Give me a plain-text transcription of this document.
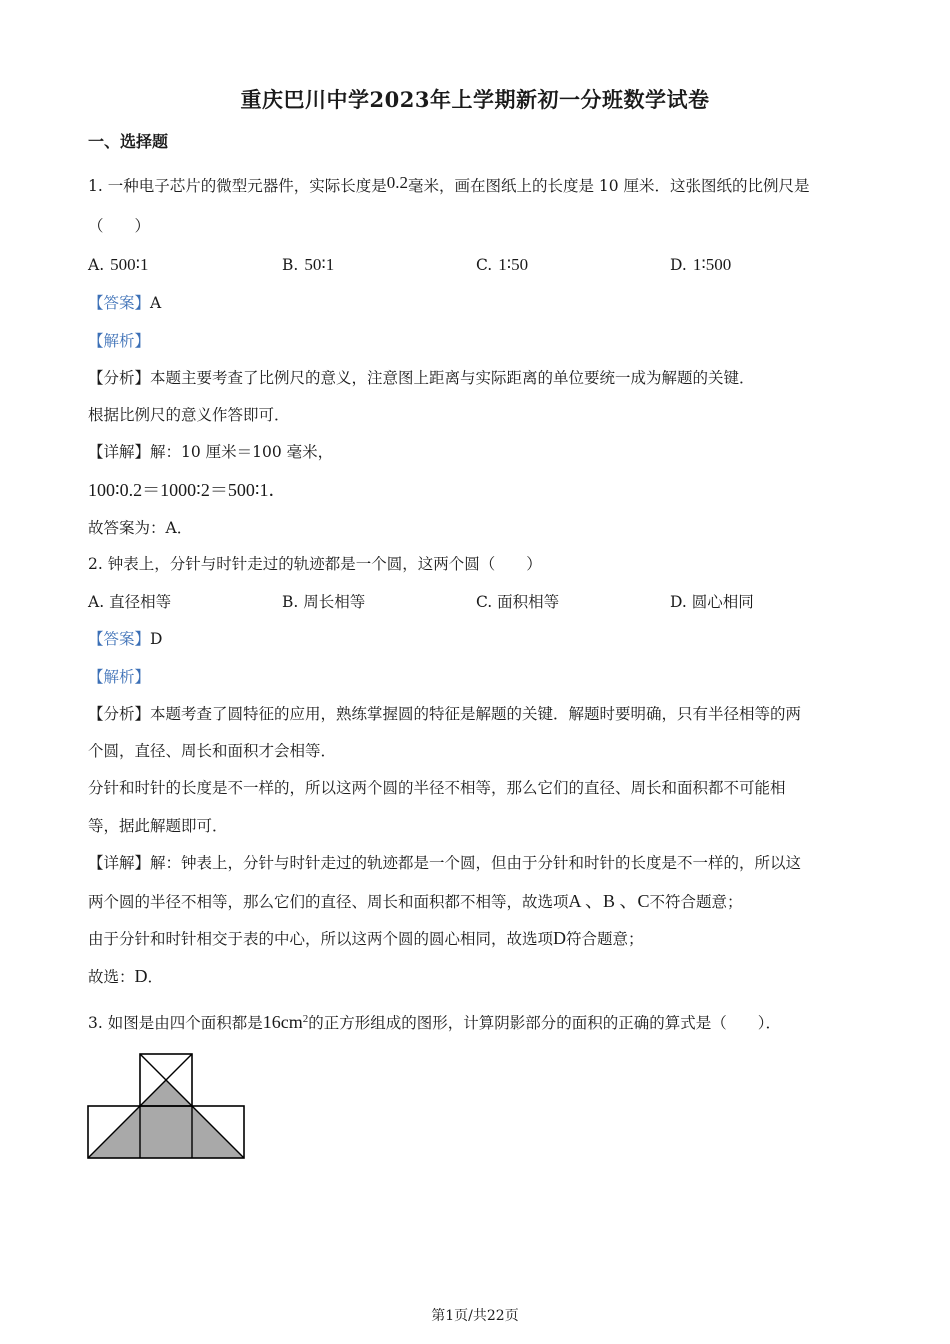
重庆巴川中学2023年上学期新初一分班数学试卷
一、选择题
1. 一种电子芯片的微型元器件，实际长度是0.2毫米，画在图纸上的长度是 10 厘米．这张图纸的比例尺是
（　　）
A. 500∶1	B. 50∶1	C. 1∶50	D. 1∶500
【答案】A
【解析】
【分析】本题主要考查了比例尺的意义，注意图上距离与实际距离的单位要统一成为解题的关键．
根据比例尺的意义作答即可．
【详解】解：10 厘米＝100 毫米，
100∶0.2＝1000∶2＝500∶1．
故答案为：A．
2. 钟表上，分针与时针走过的轨迹都是一个圆，这两个圆（　　）
A. 直径相等	B. 周长相等	C. 面积相等	D. 圆心相同
【答案】D
【解析】
【分析】本题考查了圆特征的应用，熟练掌握圆的特征是解题的关键．解题时要明确，只有半径相等的两
个圆，直径、周长和面积才会相等．
分针和时针的长度是不一样的，所以这两个圆的半径不相等，那么它们的直径、周长和面积都不可能相
等，据此解题即可．
【详解】解：钟表上，分针与时针走过的轨迹都是一个圆，但由于分针和时针的长度是不一样的，所以这
两个圆的半径不相等，那么它们的直径、周长和面积都不相等，故选项A 、B 、C不符合题意；
由于分针和时针相交于表的中心，所以这两个圆的圆心相同，故选项D符合题意；
故选：D．
3. 如图是由四个面积都是$16cm^2$的正方形组成的图形，计算阴影部分的面积的正确的算式是（　　）．
第1页/共22页
